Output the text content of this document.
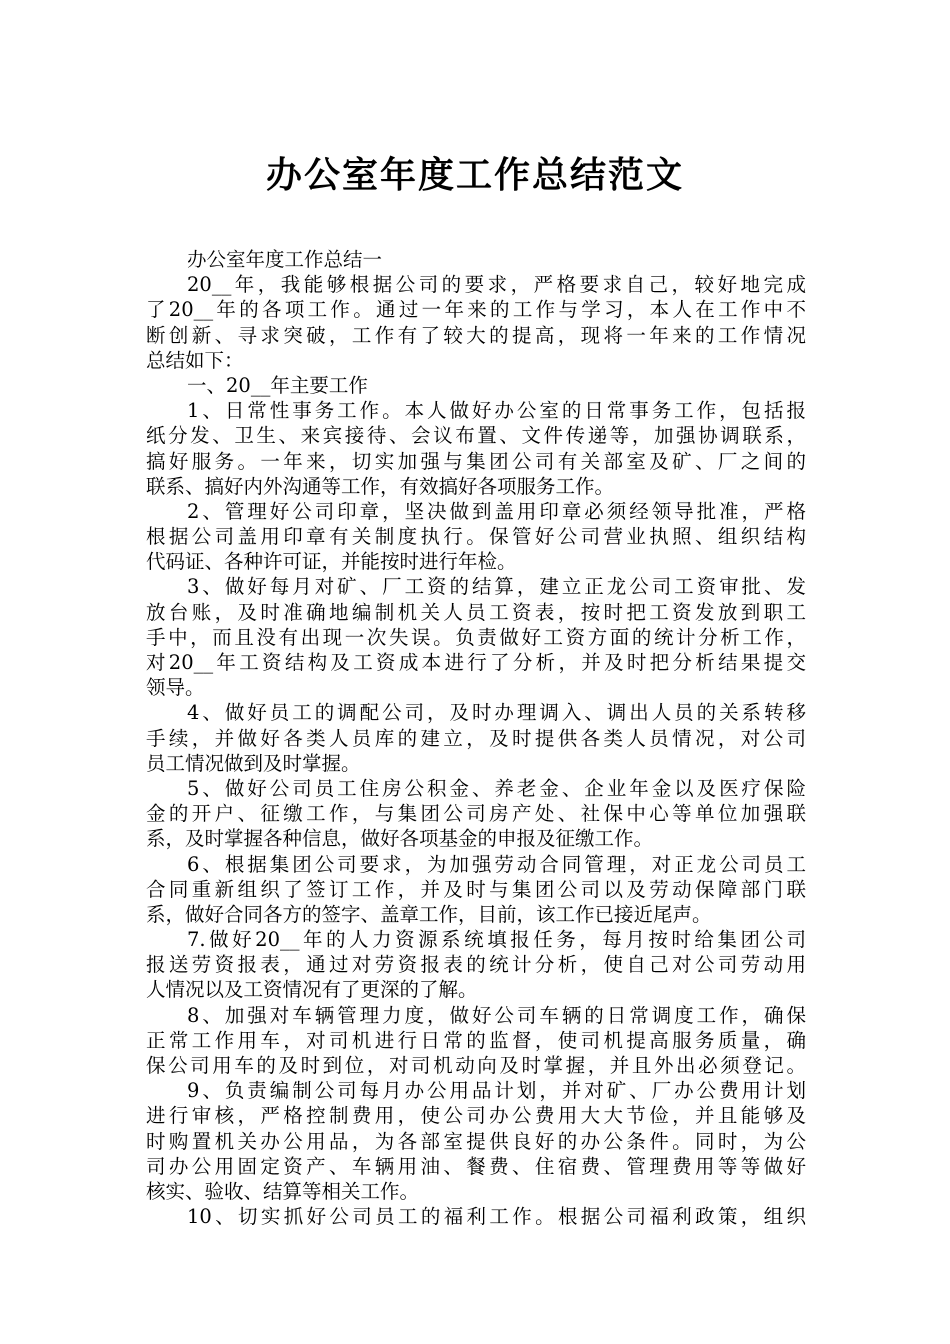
办公室年度工作总结范文
办公室年度工作总结一
20__年，我能够根据公司的要求，严格要求自己，较好地完成
了20__年的各项工作。通过一年来的工作与学习，本人在工作中不
断创新、寻求突破，工作有了较大的提高，现将一年来的工作情况
总结如下：
一、20__年主要工作
1、日常性事务工作。本人做好办公室的日常事务工作，包括报
纸分发、卫生、来宾接待、会议布置、文件传递等，加强协调联系，
搞好服务。一年来，切实加强与集团公司有关部室及矿、厂之间的
联系、搞好内外沟通等工作，有效搞好各项服务工作。
2、管理好公司印章，坚决做到盖用印章必须经领导批准，严格
根据公司盖用印章有关制度执行。保管好公司营业执照、组织结构
代码证、各种许可证，并能按时进行年检。
3、做好每月对矿、厂工资的结算，建立正龙公司工资审批、发
放台账，及时准确地编制机关人员工资表，按时把工资发放到职工
手中，而且没有出现一次失误。负责做好工资方面的统计分析工作，
对20__年工资结构及工资成本进行了分析，并及时把分析结果提交
领导。
4、做好员工的调配公司，及时办理调入、调出人员的关系转移
手续，并做好各类人员库的建立，及时提供各类人员情况，对公司
员工情况做到及时掌握。
5、做好公司员工住房公积金、养老金、企业年金以及医疗保险
金的开户、征缴工作，与集团公司房产处、社保中心等单位加强联
系，及时掌握各种信息，做好各项基金的申报及征缴工作。
6、根据集团公司要求，为加强劳动合同管理，对正龙公司员工
合同重新组织了签订工作，并及时与集团公司以及劳动保障部门联
系，做好合同各方的签字、盖章工作，目前，该工作已接近尾声。
7.做好20__年的人力资源系统填报任务，每月按时给集团公司
报送劳资报表，通过对劳资报表的统计分析，使自己对公司劳动用
人情况以及工资情况有了更深的了解。
8、加强对车辆管理力度，做好公司车辆的日常调度工作，确保
正常工作用车，对司机进行日常的监督，使司机提高服务质量，确
保公司用车的及时到位，对司机动向及时掌握，并且外出必须登记。
9、负责编制公司每月办公用品计划，并对矿、厂办公费用计划
进行审核，严格控制费用，使公司办公费用大大节俭，并且能够及
时购置机关办公用品，为各部室提供良好的办公条件。同时，为公
司办公用固定资产、车辆用油、餐费、住宿费、管理费用等等做好
核实、验收、结算等相关工作。
10、切实抓好公司员工的福利工作。根据公司福利政策，组织
